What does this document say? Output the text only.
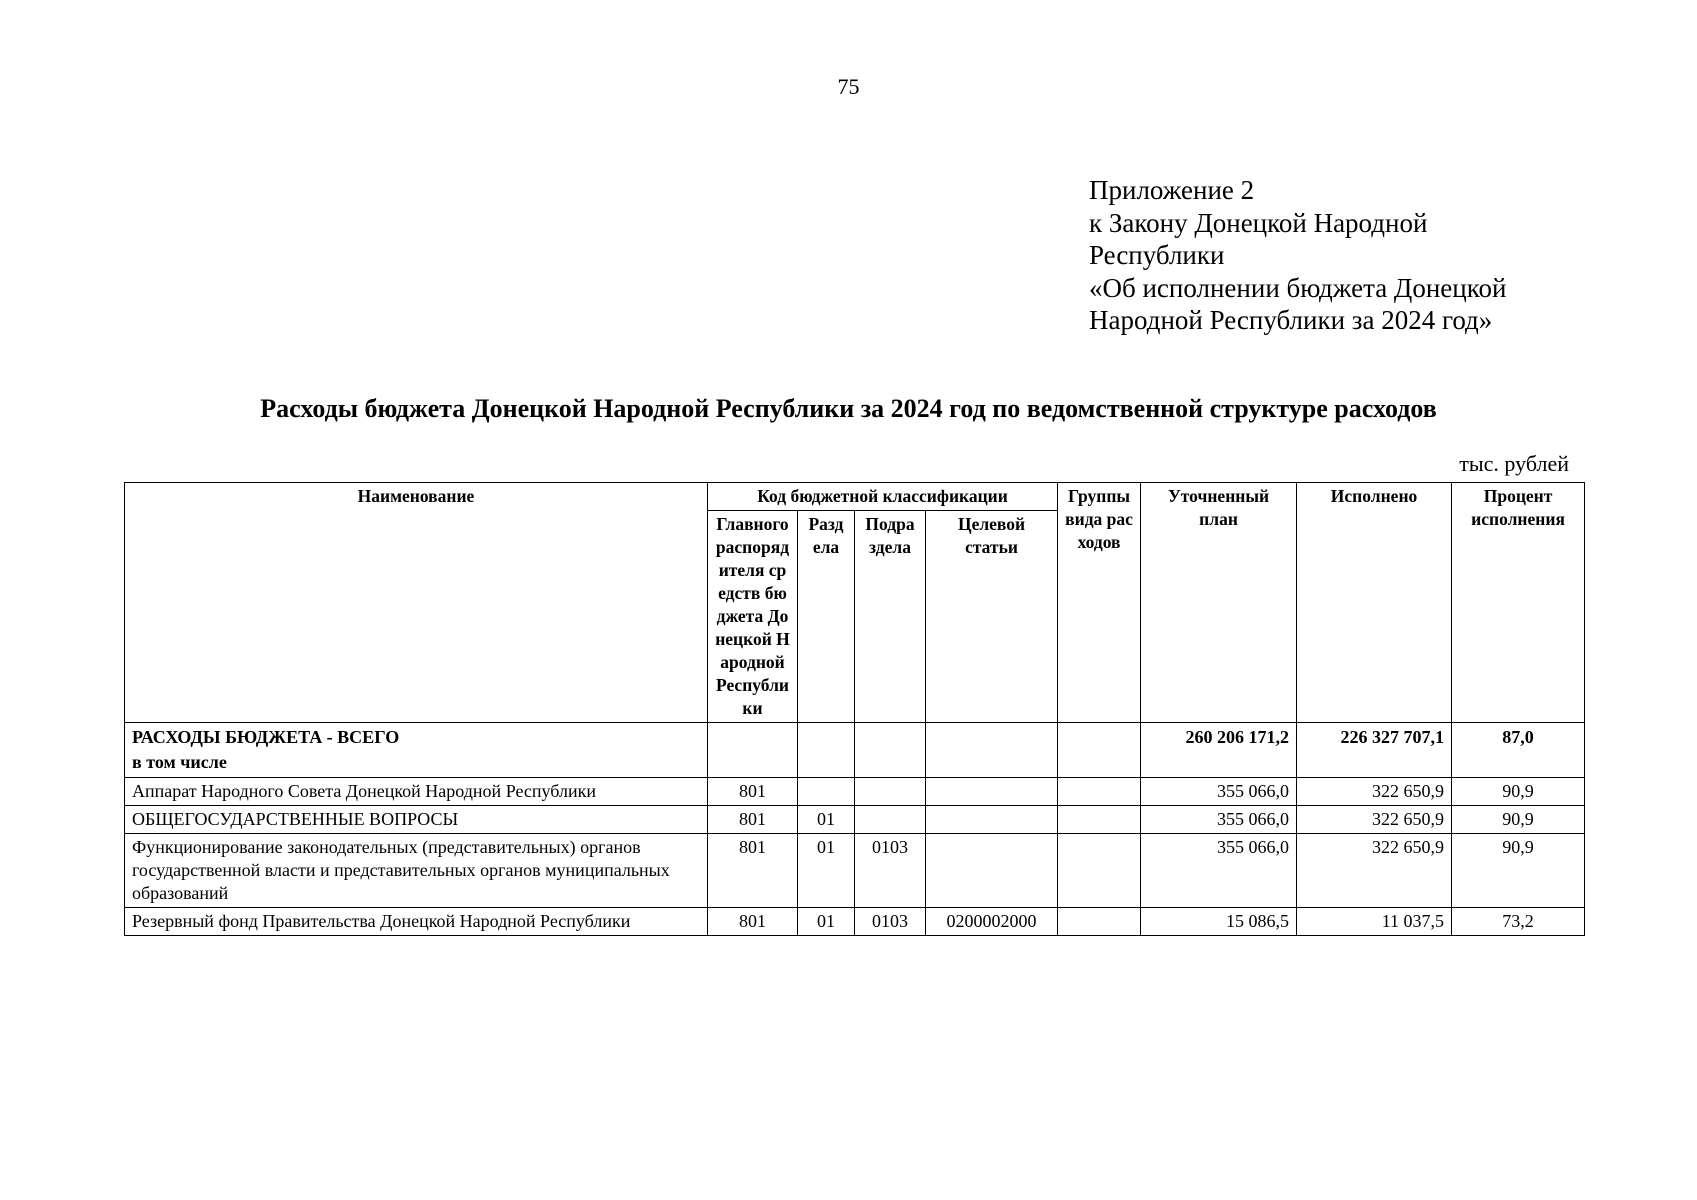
75
Приложение 2
к Закону Донецкой Народной
Республики
«Об исполнении бюджета Донецкой
Народной Республики за 2024 год»
Расходы бюджета Донецкой Народной Республики за 2024 год по ведомственной структуре расходов
тыс. рублей
Наименование	Код бюджетной классификации				Группы вида расходов	Уточненный план	Исполнено	Процент исполнения
	Главного распорядителя средств бюджета Донецкой Народной Республики	Раздела	Подраздела	Целевой статьи				

РАСХОДЫ БЮДЖЕТА - ВСЕГО
в том числе						260 206 171,2	226 327 707,1	87,0
Аппарат Народного Совета Донецкой Народной Республики	801					355 066,0	322 650,9	90,9
ОБЩЕГОСУДАРСТВЕННЫЕ ВОПРОСЫ	801	01				355 066,0	322 650,9	90,9
Функционирование законодательных (представительных) органов государственной власти и представительных органов муниципальных образований	801	01	0103			355 066,0	322 650,9	90,9
Резервный фонд Правительства Донецкой Народной Республики	801	01	0103	0200002000		15 086,5	11 037,5	73,2
